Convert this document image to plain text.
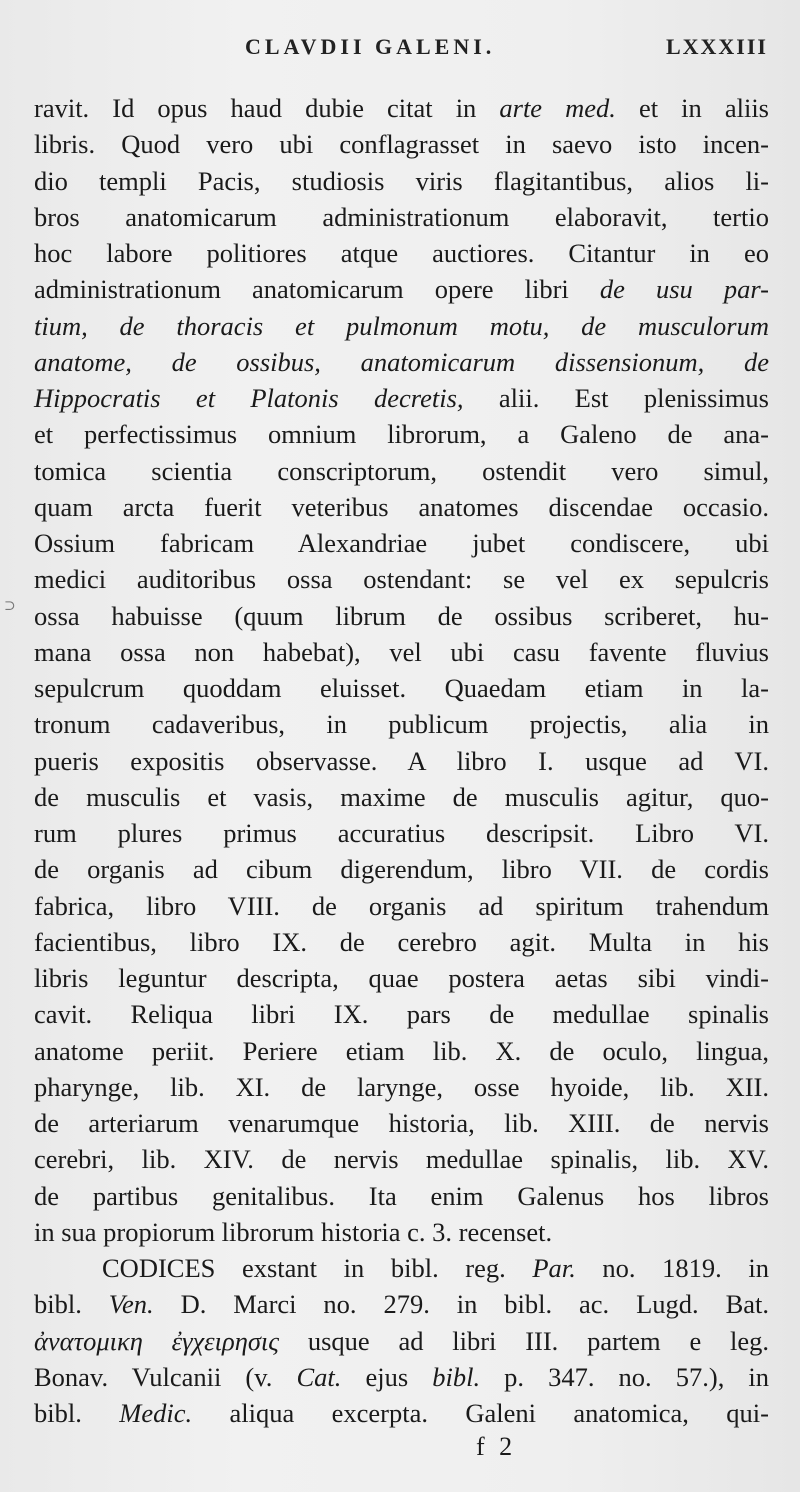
CLAVDII GALENI.	LXXXIII
ravit. Id opus haud dubie citat in arte med. et in aliis
libris. Quod vero ubi conflagrasset in saevo isto incen-
dio templi Pacis, studiosis viris flagitantibus, alios li-
bros anatomicarum administrationum elaboravit, tertio
hoc labore politiores atque auctiores. Citantur in eo
administrationum anatomicarum opere libri de usu par-
tium, de thoracis et pulmonum motu, de musculorum
anatome, de ossibus, anatomicarum dissensionum, de
Hippocratis et Platonis decretis, alii. Est plenissimus
et perfectissimus omnium librorum, a Galeno de ana-
tomica scientia conscriptorum, ostendit vero simul,
quam arcta fuerit veteribus anatomes discendae occasio.
Ossium fabricam Alexandriae jubet condiscere, ubi
medici auditoribus ossa ostendant: se vel ex sepulcris
ossa habuisse (quum librum de ossibus scriberet, hu-
mana ossa non habebat), vel ubi casu favente fluvius
sepulcrum quoddam eluisset. Quaedam etiam in la-
tronum cadaveribus, in publicum projectis, alia in
pueris expositis observasse. A libro I. usque ad VI.
de musculis et vasis, maxime de musculis agitur, quo-
rum plures primus accuratius descripsit. Libro VI.
de organis ad cibum digerendum, libro VII. de cordis
fabrica, libro VIII. de organis ad spiritum trahendum
facientibus, libro IX. de cerebro agit. Multa in his
libris leguntur descripta, quae postera aetas sibi vindi-
cavit. Reliqua libri IX. pars de medullae spinalis
anatome periit. Periere etiam lib. X. de oculo, lingua,
pharynge, lib. XI. de larynge, osse hyoide, lib. XII.
de arteriarum venarumque historia, lib. XIII. de nervis
cerebri, lib. XIV. de nervis medullae spinalis, lib. XV.
de partibus genitalibus. Ita enim Galenus hos libros
in sua propiorum librorum historia c. 3. recenset.
CODICES exstant in bibl. reg. Par. no. 1819. in
bibl. Ven. D. Marci no. 279. in bibl. ac. Lugd. Bat.
ἀνατομικη ἐγχειρησις usque ad libri III. partem e leg.
Bonav. Vulcanii (v. Cat. ejus bibl. p. 347. no. 57.), in
bibl. Medic. aliqua excerpta. Galeni anatomica, qui-
⊃
f 2
